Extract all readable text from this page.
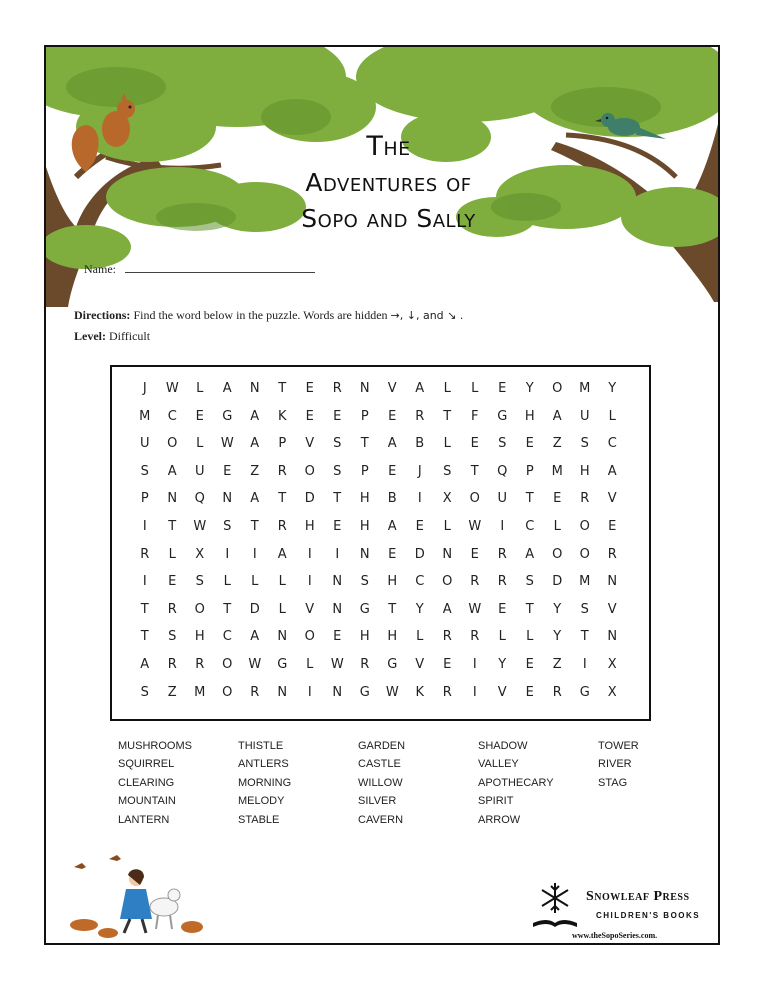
The
Adventures of
Sopo and Sally
Name:
Directions: Find the word below in the puzzle. Words are hidden →, ↓, and ↘ .
Level: Difficult
J	W	L	A	N	T	E	R	N	V	A	L	L	E	Y	O	M	Y
M	C	E	G	A	K	E	E	P	E	R	T	F	G	H	A	U	L
U	O	L	W	A	P	V	S	T	A	B	L	E	S	E	Z	S	C
S	A	U	E	Z	R	O	S	P	E	J	S	T	Q	P	M	H	A
P	N	Q	N	A	T	D	T	H	B	I	X	O	U	T	E	R	V
I	T	W	S	T	R	H	E	H	A	E	L	W	I	C	L	O	E
R	L	X	I	I	A	I	I	N	E	D	N	E	R	A	O	O	R
I	E	S	L	L	L	I	N	S	H	C	O	R	R	S	D	M	N
T	R	O	T	D	L	V	N	G	T	Y	A	W	E	T	Y	S	V
T	S	H	C	A	N	O	E	H	H	L	R	R	L	L	Y	T	N
A	R	R	O	W	G	L	W	R	G	V	E	I	Y	E	Z	I	X
S	Z	M	O	R	N	I	N	G	W	K	R	I	V	E	R	G	X
MUSHROOMS
SQUIRREL
CLEARING
MOUNTAIN
LANTERN
THISTLE
ANTLERS
MORNING
MELODY
STABLE
GARDEN
CASTLE
WILLOW
SILVER
CAVERN
SHADOW
VALLEY
APOTHECARY
SPIRIT
ARROW
TOWER
RIVER
STAG
Snowleaf Press
CHILDREN'S BOOKS
www.theSopoSeries.com.
